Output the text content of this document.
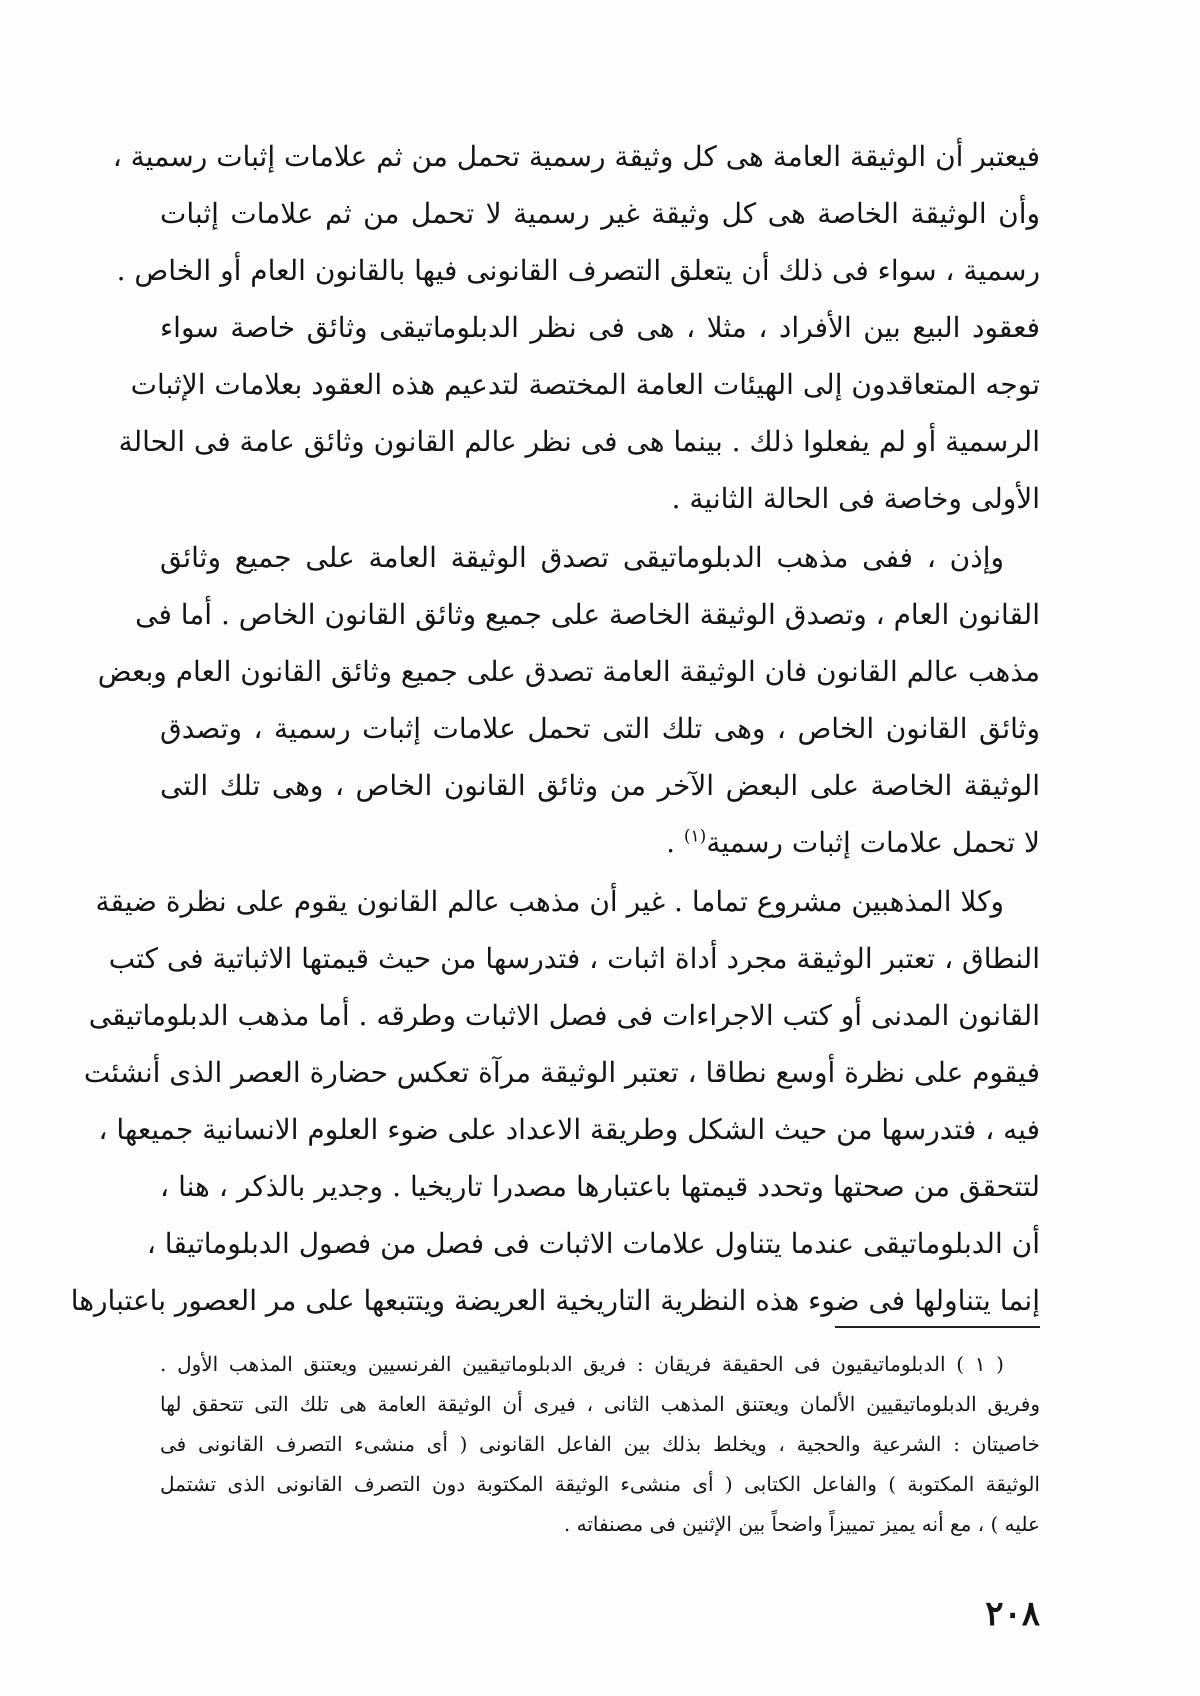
فيعتبر أن الوثيقة العامة هى كل وثيقة رسمية تحمل من ثم علامات إثبات رسمية ،
وأن الوثيقة الخاصة هى كل وثيقة غير رسمية لا تحمل من ثم علامات إثبات
رسمية ، سواء فى ذلك أن يتعلق التصرف القانونى فيها بالقانون العام أو الخاص .
فعقود البيع بين الأفراد ، مثلا ، هى فى نظر الدبلوماتيقى وثائق خاصة سواء
توجه المتعاقدون إلى الهيئات العامة المختصة لتدعيم هذه العقود بعلامات الإثبات
الرسمية أو لم يفعلوا ذلك . بينما هى فى نظر عالم القانون وثائق عامة فى الحالة
الأولى وخاصة فى الحالة الثانية .
وإذن ، ففى مذهب الدبلوماتيقى تصدق الوثيقة العامة على جميع وثائق
القانون العام ، وتصدق الوثيقة الخاصة على جميع وثائق القانون الخاص . أما فى
مذهب عالم القانون فان الوثيقة العامة تصدق على جميع وثائق القانون العام وبعض
وثائق القانون الخاص ، وهى تلك التى تحمل علامات إثبات رسمية ، وتصدق
الوثيقة الخاصة على البعض الآخر من وثائق القانون الخاص ، وهى تلك التى
لا تحمل علامات إثبات رسمية$^{(١)}$ .
وكلا المذهبين مشروع تماما . غير أن مذهب عالم القانون يقوم على نظرة ضيقة
النطاق ، تعتبر الوثيقة مجرد أداة اثبات ، فتدرسها من حيث قيمتها الاثباتية فى كتب
القانون المدنى أو كتب الاجراءات فى فصل الاثبات وطرقه . أما مذهب الدبلوماتيقى
فيقوم على نظرة أوسع نطاقا ، تعتبر الوثيقة مرآة تعكس حضارة العصر الذى أنشئت
فيه ، فتدرسها من حيث الشكل وطريقة الاعداد على ضوء العلوم الانسانية جميعها ،
لتتحقق من صحتها وتحدد قيمتها باعتبارها مصدرا تاريخيا . وجدير بالذكر ، هنا ،
أن الدبلوماتيقى عندما يتناول علامات الاثبات فى فصل من فصول الدبلوماتيقا ،
إنما يتناولها فى ضوء هذه النظرية التاريخية العريضة ويتتبعها على مر العصور باعتبارها
( ١ ) الدبلوماتيقيون فى الحقيقة فريقان : فريق الدبلوماتيقيين الفرنسيين ويعتنق المذهب الأول .
وفريق الدبلوماتيقيين الألمان ويعتنق المذهب الثانى ، فيرى أن الوثيقة العامة هى تلك التى تتحقق لها
خاصيتان : الشرعية والحجية ، ويخلط بذلك بين الفاعل القانونى ( أى منشىء التصرف القانونى فى
الوثيقة المكتوبة ) والفاعل الكتابى ( أى منشىء الوثيقة المكتوبة دون التصرف القانونى الذى تشتمل
عليه ) ، مع أنه يميز تمييزاً واضحاً بين الإثنين فى مصنفاته .
٢٠٨
